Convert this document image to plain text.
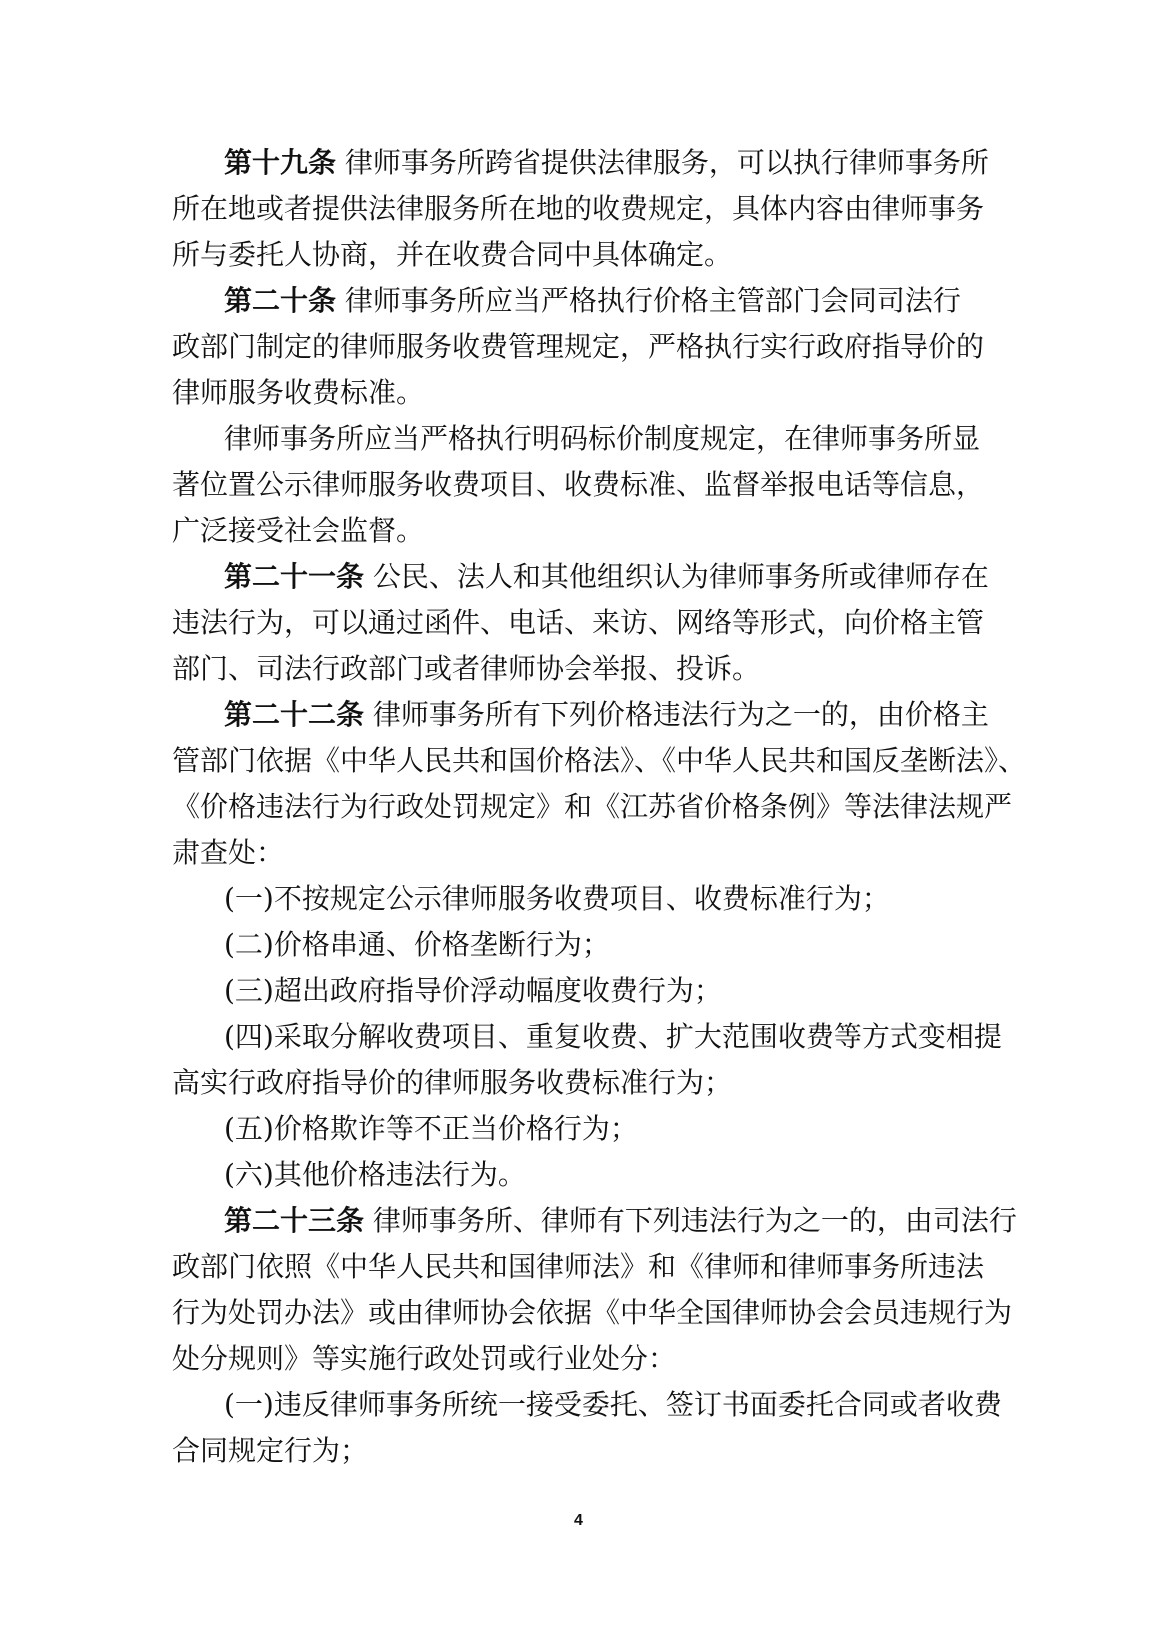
第十九条 律师事务所跨省提供法律服务，可以执行律师事务所
所在地或者提供法律服务所在地的收费规定，具体内容由律师事务
所与委托人协商，并在收费合同中具体确定。
第二十条 律师事务所应当严格执行价格主管部门会同司法行
政部门制定的律师服务收费管理规定，严格执行实行政府指导价的
律师服务收费标准。
律师事务所应当严格执行明码标价制度规定，在律师事务所显
著位置公示律师服务收费项目、收费标准、监督举报电话等信息，
广泛接受社会监督。
第二十一条 公民、法人和其他组织认为律师事务所或律师存在
违法行为，可以通过函件、电话、来访、网络等形式，向价格主管
部门、司法行政部门或者律师协会举报、投诉。
第二十二条 律师事务所有下列价格违法行为之一的，由价格主
管部门依据《中华人民共和国价格法》、《中华人民共和国反垄断法》、
《价格违法行为行政处罚规定》和《江苏省价格条例》等法律法规严
肃查处：
(一)不按规定公示律师服务收费项目、收费标准行为；
(二)价格串通、价格垄断行为；
(三)超出政府指导价浮动幅度收费行为；
(四)采取分解收费项目、重复收费、扩大范围收费等方式变相提
高实行政府指导价的律师服务收费标准行为；
(五)价格欺诈等不正当价格行为；
(六)其他价格违法行为。
第二十三条 律师事务所、律师有下列违法行为之一的，由司法行
政部门依照《中华人民共和国律师法》和《律师和律师事务所违法
行为处罚办法》或由律师协会依据《中华全国律师协会会员违规行为
处分规则》等实施行政处罚或行业处分：
(一)违反律师事务所统一接受委托、签订书面委托合同或者收费
合同规定行为；
4
